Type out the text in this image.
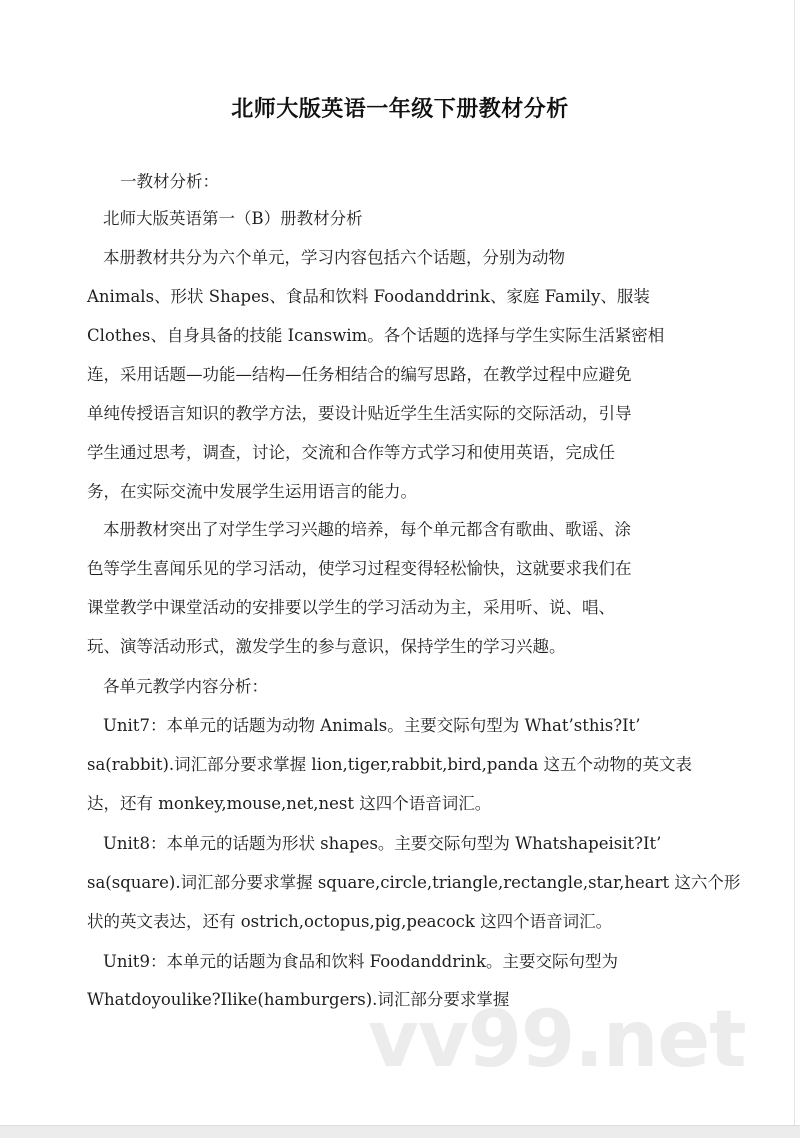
北师大版英语一年级下册教材分析
一教材分析：
北师大版英语第一（B）册教材分析
本册教材共分为六个单元，学习内容包括六个话题，分别为动物
Animals、形状 Shapes、食品和饮料 Foodanddrink、家庭 Family、服装
Clothes、自身具备的技能 Icanswim。各个话题的选择与学生实际生活紧密相
连，采用话题—功能—结构—任务相结合的编写思路，在教学过程中应避免
单纯传授语言知识的教学方法，要设计贴近学生生活实际的交际活动，引导
学生通过思考，调查，讨论，交流和合作等方式学习和使用英语，完成任
务，在实际交流中发展学生运用语言的能力。
本册教材突出了对学生学习兴趣的培养，每个单元都含有歌曲、歌谣、涂
色等学生喜闻乐见的学习活动，使学习过程变得轻松愉快，这就要求我们在
课堂教学中课堂活动的安排要以学生的学习活动为主，采用听、说、唱、
玩、演等活动形式，激发学生的参与意识，保持学生的学习兴趣。
各单元教学内容分析：
Unit7：本单元的话题为动物 Animals。主要交际句型为 What’sthis?It’
sa(rabbit).词汇部分要求掌握 lion,tiger,rabbit,bird,panda 这五个动物的英文表
达，还有 monkey,mouse,net,nest 这四个语音词汇。
Unit8：本单元的话题为形状 shapes。主要交际句型为 Whatshapeisit?It’
sa(square).词汇部分要求掌握 square,circle,triangle,rectangle,star,heart 这六个形
状的英文表达，还有 ostrich,octopus,pig,peacock 这四个语音词汇。
Unit9：本单元的话题为食品和饮料 Foodanddrink。主要交际句型为
Whatdoyoulike?Ilike(hamburgers).词汇部分要求掌握
vv99.net
